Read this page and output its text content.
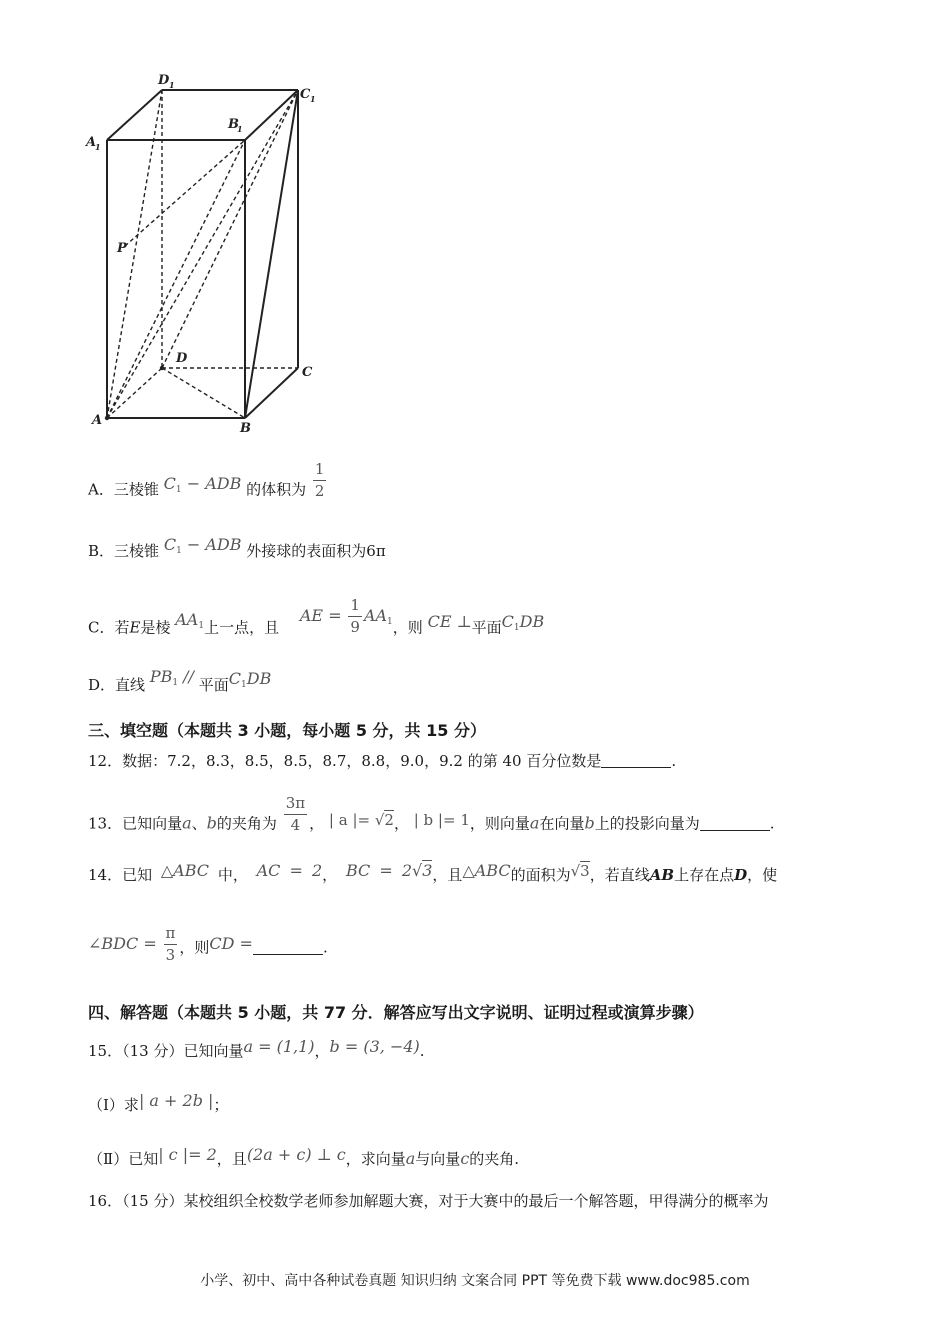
A
1
D 1
B
1
C 1
P
D
C
A
B
A．三棱锥 $C_1$ − ADB 的体积为 $\frac{1}{2}$
B．三棱锥 $C_1$ − ADB 外接球的表面积为6π
C．若E是棱 $AA_1$上一点，且 AE = $\frac{1}{9} AA_1$，则 CE ⊥平面$C_1DB$
D．直线 $PB_1$ // 平面$C_1DB$
三、填空题（本题共 3 小题，每小题 5 分，共 15 分）
12．数据：7.2，8.3，8.5，8.5，8.7，8.8，9.0，9.2 的第 40 百分位数是	.
13．已知向量a、b的夹角为 $\frac{3\pi}{4}$ ， | a |= √2， | b |= 1，则向量a在向量b上的投影向量为	.
14．已知 △ABC 中， AC = 2， BC = 2√3，且△ABC的面积为√3，若直线AB上存在点D，使
∠BDC = $\frac{\pi}{3}$ ，则CD =	.
四、解答题（本题共 5 小题，共 77 分．解答应写出文字说明、证明过程或演算步骤）
15．（13 分）已知向量a = (1,1)，b = (3, −4).
（Ⅰ）求| a + 2b |；
（Ⅱ）已知| c |= 2，且(2a + c) ⊥ c，求向量a与向量c的夹角.
16．（15 分）某校组织全校数学老师参加解题大赛，对于大赛中的最后一个解答题，甲得满分的概率为
小学、初中、高中各种试卷真题 知识归纳 文案合同 PPT 等免费下载 www.doc985.com
